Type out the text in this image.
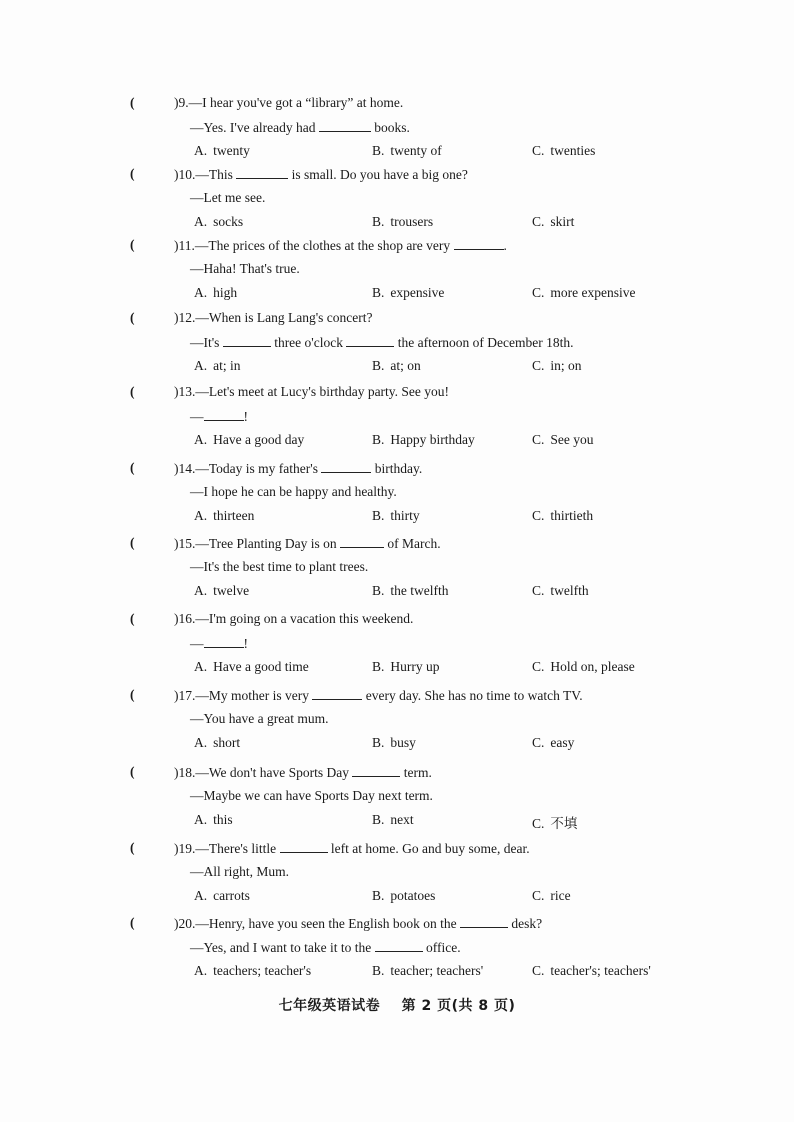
(	)9.—I hear you've got a “library” at home.
—Yes. I've already had	books.
A. twenty	B. twenty of	C. twenties
(	)10.—This	is small. Do you have a big one?
—Let me see.
A. socks	B. trousers	C. skirt
(	)11.—The prices of the clothes at the shop are very	.
—Haha! That's true.
A. high	B. expensive	C. more expensive
(	)12.—When is Lang Lang's concert?
—It's	three o'clock	the afternoon of December 18th.
A. at; in	B. at; on	C. in; on
(	)13.—Let's meet at Lucy's birthday party. See you!
—	!
A. Have a good day	B. Happy birthday	C. See you
(	)14.—Today is my father's	birthday.
—I hope he can be happy and healthy.
A. thirteen	B. thirty	C. thirtieth
(	)15.—Tree Planting Day is on	of March.
—It's the best time to plant trees.
A. twelve	B. the twelfth	C. twelfth
(	)16.—I'm going on a vacation this weekend.
—	!
A. Have a good time	B. Hurry up	C. Hold on, please
(	)17.—My mother is very	every day. She has no time to watch TV.
—You have a great mum.
A. short	B. busy	C. easy
(	)18.—We don't have Sports Day	term.
—Maybe we can have Sports Day next term.
A. this	B. next	C. 不填
(	)19.—There's little	left at home. Go and buy some, dear.
—All right, Mum.
A. carrots	B. potatoes	C. rice
(	)20.—Henry, have you seen the English book on the	desk?
—Yes, and I want to take it to the	office.
A. teachers; teacher's	B. teacher; teachers'	C. teacher's; teachers'
七年级英语试卷 第 2 页(共 8 页)
